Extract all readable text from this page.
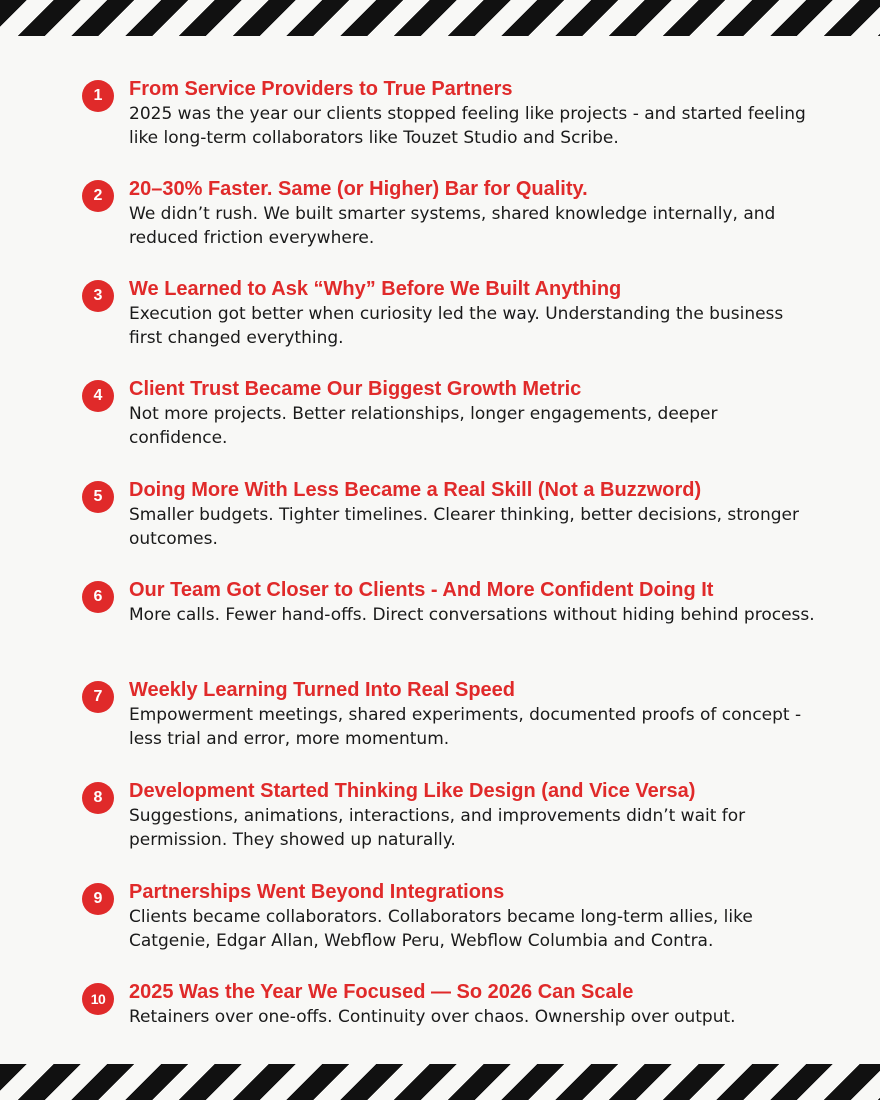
1	From Service Providers to True Partners
2025 was the year our clients stopped feeling like projects - and started feeling like long-term collaborators like Touzet Studio and Scribe.
2	20–30% Faster. Same (or Higher) Bar for Quality.
We didn’t rush. We built smarter systems, shared knowledge internally, and reduced friction everywhere.
3	We Learned to Ask “Why” Before We Built Anything
Execution got better when curiosity led the way. Understanding the business first changed everything.
4	Client Trust Became Our Biggest Growth Metric
Not more projects. Better relationships, longer engagements, deeper confidence.
5	Doing More With Less Became a Real Skill (Not a Buzzword)
Smaller budgets. Tighter timelines. Clearer thinking, better decisions, stronger outcomes.
6	Our Team Got Closer to Clients - And More Confident Doing It
More calls. Fewer hand-offs. Direct conversations without hiding behind process.
7	Weekly Learning Turned Into Real Speed
Empowerment meetings, shared experiments, documented proofs of concept - less trial and error, more momentum.
8	Development Started Thinking Like Design (and Vice Versa)
Suggestions, animations, interactions, and improvements didn’t wait for permission. They showed up naturally.
9	Partnerships Went Beyond Integrations
Clients became collaborators. Collaborators became long-term allies, like Catgenie, Edgar Allan, Webflow Peru, Webflow Columbia and Contra.
10	2025 Was the Year We Focused — So 2026 Can Scale
Retainers over one-offs. Continuity over chaos. Ownership over output.
